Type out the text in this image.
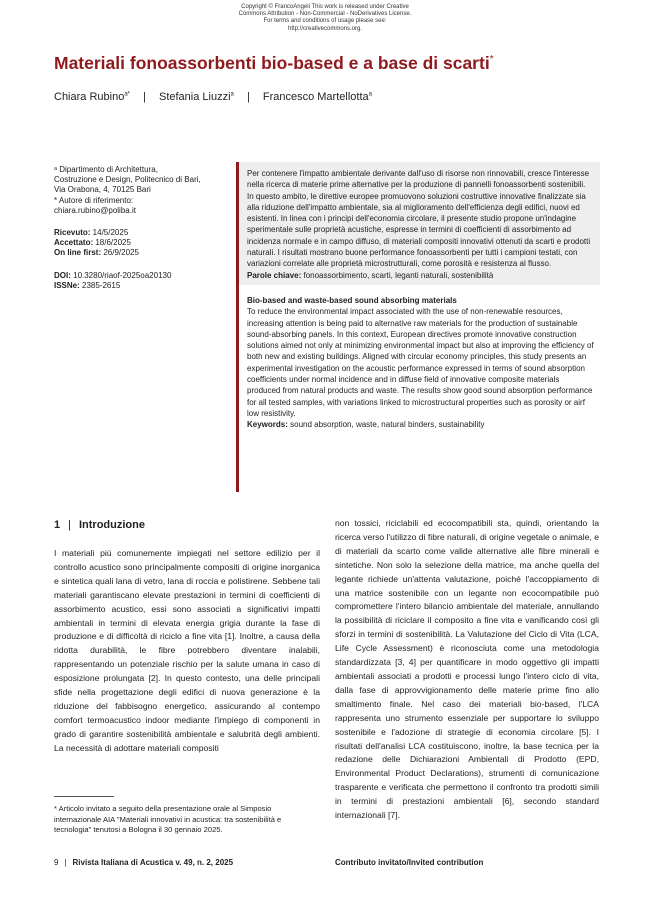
Copyright © FrancoAngeli This work is released under Creative
Commons Attribution - Non-Commercial - NoDerivatives License.
For terms and conditions of usage please see:
http://creativecommons.org.
Materiali fonoassorbenti bio-based e a base di scarti*
Chiara Rubino$^{a*}$ | Stefania Liuzzi$^a$ | Francesco Martellotta$^a$

ᵃ Dipartimento di Architettura,

Costruzione e Design, Politecnico di Bari,

Via Orabona, 4, 70125 Bari

* Autore di riferimento:

chiara.rubino@poliba.it

Ricevuto: 14/5/2025

Accettato: 18/6/2025

On line first: 26/9/2025

DOI: 10.3280/riaof-2025oa20130

ISSNe: 2385-2615

Per contenere l'impatto ambientale derivante dall'uso di risorse non rinnovabili, cresce l'interesse nella ricerca di materie prime alternative per la produzione di pannelli fonoassorbenti sostenibili. In questo ambito, le direttive europee promuovono soluzioni costruttive innovative finalizzate sia alla riduzione dell'impatto ambientale, sia al miglioramento dell'efficienza degli edifici, nuovi ed esistenti. In linea con i principi dell'economia circolare, il presente studio propone un'indagine sperimentale sulle proprietà acustiche, espresse in termini di coefficienti di assorbimento ad incidenza normale e in campo diffuso, di materiali compositi innovativi ottenuti da scarti e prodotti naturali. I risultati mostrano buone performance fonoassorbenti per tutti i campioni testati, con variazioni correlate alle proprietà microstrutturali, come porosità e resistenza al flusso.

Parole chiave: fonoassorbimento, scarti, leganti naturali, sostenibilità

Bio-based and waste-based sound absorbing materials

To reduce the environmental impact associated with the use of non-renewable resources, increasing attention is being paid to alternative raw materials for the production of sustainable sound-absorbing panels. In this context, European directives promote innovative construction solutions aimed not only at minimizing environmental impact but also at improving the efficiency of both new and existing buildings. Aligned with circular economy principles, this study presents an experimental investigation on the acoustic performance expressed in terms of sound absorption coefficients under normal incidence and in diffuse field of innovative composite materials produced from natural products and waste. The results show good sound absorption performance for all tested samples, with variations linked to microstructural properties such as porosity or airf low resistivity.

Keywords: sound absorption, waste, natural binders, sustainability

1 | Introduzione
I materiali più comunemente impiegati nel settore edilizio per il controllo acustico sono principalmente compositi di origine inorganica e sintetica quali lana di vetro, lana di roccia e polistirene. Sebbene tali materiali garantiscano elevate prestazioni in termini di coefficienti di assorbimento acustico, essi sono associati a significativi impatti ambientali in termini di elevata energia grigia durante la fase di produzione e di difficoltà di riciclo a fine vita [1]. Inoltre, a causa della ridotta durabilità, le fibre potrebbero diventare inalabili, rappresentando un potenziale rischio per la salute umana in caso di esposizione prolungata [2]. In questo contesto, una delle principali sfide nella progettazione degli edifici di nuova generazione è la riduzione del fabbisogno energetico, assicurando al contempo comfort termoacustico indoor mediante l'impiego di componenti in grado di garantire sostenibilità ambientale e salubrità degli ambienti. La necessità di adottare materiali compositi
non tossici, riciclabili ed ecocompatibili sta, quindi, orientando la ricerca verso l'utilizzo di fibre naturali, di origine vegetale o animale, e di materiali da scarto come valide alternative alle fibre minerali e sintetiche. Non solo la selezione della matrice, ma anche quella del legante richiede un'attenta valutazione, poiché l'accoppiamento di una matrice sostenibile con un legante non ecocompatibile può compromettere l'intero bilancio ambientale del materiale, annullando la possibilità di riciclare il composito a fine vita e vanificando così gli sforzi in termini di sostenibilità. La Valutazione del Ciclo di Vita (LCA, Life Cycle Assessment) è riconosciuta come una metodologia standardizzata [3, 4] per quantificare in modo oggettivo gli impatti ambientali associati a prodotti e processi lungo l'intero ciclo di vita, dalla fase di approvvigionamento delle materie prime fino allo smaltimento finale. Nel caso dei materiali bio-based, l'LCA rappresenta uno strumento essenziale per supportare lo sviluppo sostenibile e l'adozione di strategie di economia circolare [5]. I risultati dell'analisi LCA costituiscono, inoltre, la base tecnica per la redazione delle Dichiarazioni Ambientali di Prodotto (EPD, Environmental Product Declarations), strumenti di comunicazione trasparente e verificata che permettono il confronto tra prodotti simili in termini di prestazioni ambientali [6], secondo standard internazionali [7].
* Articolo invitato a seguito della presentazione orale al Simposio internazionale AIA "Materiali innovativi in acustica: tra sostenibilità e tecnologia" tenutosi a Bologna il 30 gennaio 2025.
9 | Rivista Italiana di Acustica v. 49, n. 2, 2025	Contributo invitato/Invited contribution
